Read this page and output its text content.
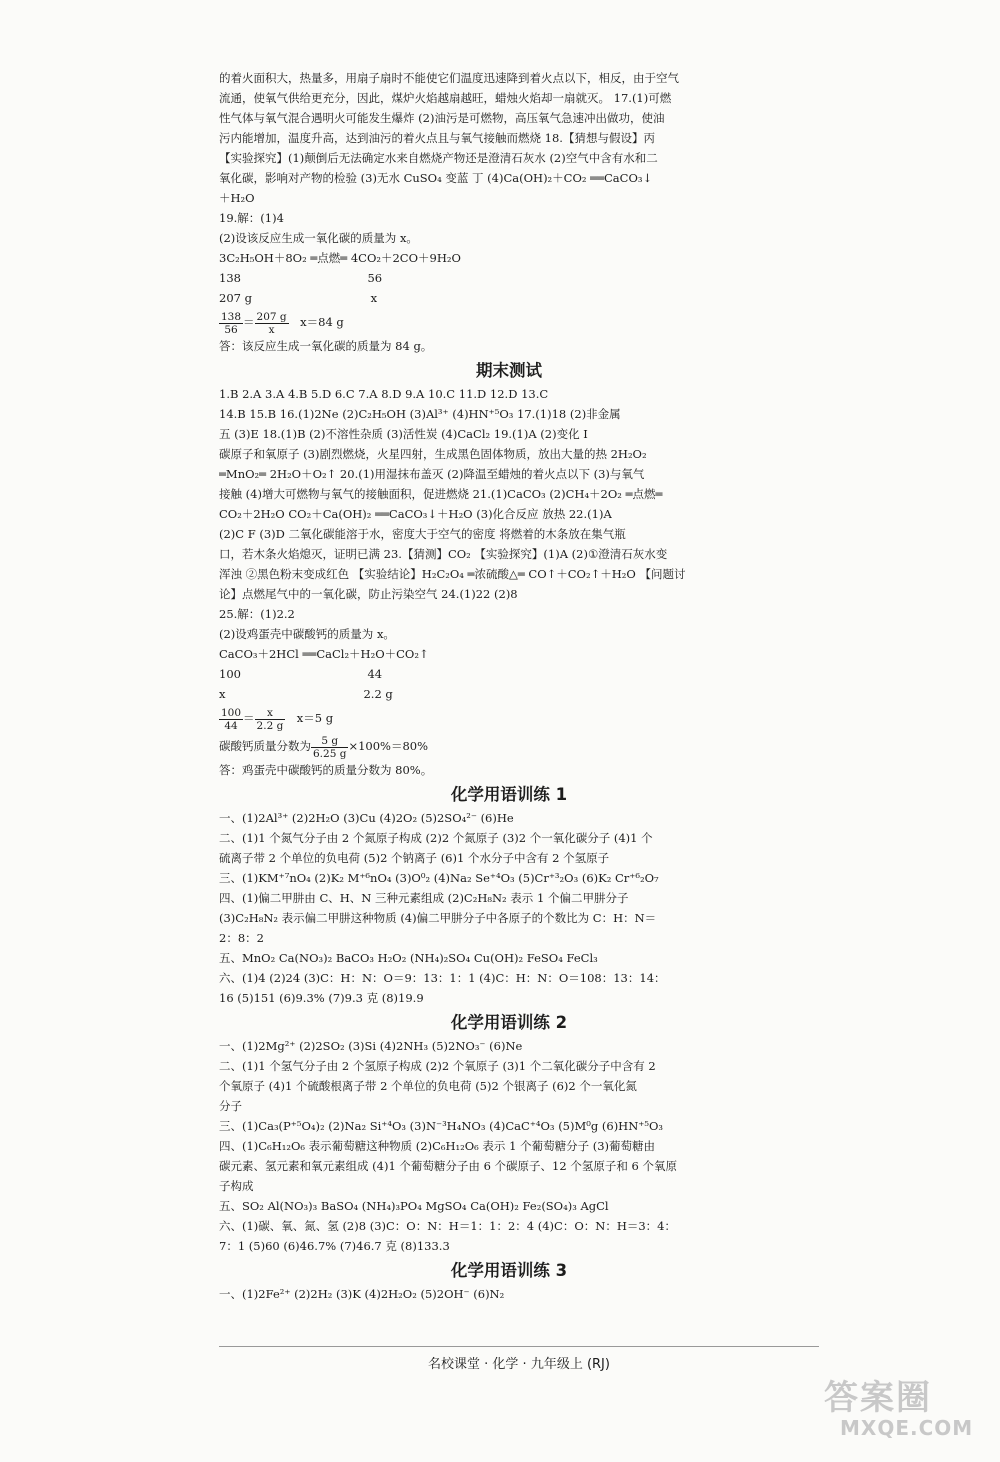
的着火面积大，热量多，用扇子扇时不能使它们温度迅速降到着火点以下，相反，由于空气

流通，使氧气供给更充分，因此，煤炉火焰越扇越旺，蜡烛火焰却一扇就灭。 17.(1)可燃

性气体与氧气混合遇明火可能发生爆炸 (2)油污是可燃物，高压氧气急速冲出做功，使油

污内能增加，温度升高，达到油污的着火点且与氧气接触而燃烧 18.【猜想与假设】丙

【实验探究】(1)颠倒后无法确定水来自燃烧产物还是澄清石灰水 (2)空气中含有水和二

氧化碳，影响对产物的检验 (3)无水 CuSO₄ 变蓝 丁 (4)Ca(OH)₂＋CO₂ ══CaCO₃↓

＋H₂O

19.解：(1)4

(2)设该反应生成一氧化碳的质量为 x。

3C₂H₅OH＋8O₂ ═点燃═ 4CO₂＋2CO＋9H₂O

138　　　　　　　　　　　56

207 g　　　　　　　　　　 x

$\frac{138}{56} = \frac{207 g}{x}$ 　x＝84 g

答：该反应生成一氧化碳的质量为 84 g。

期末测试

1.B 2.A 3.A 4.B 5.D 6.C 7.A 8.D 9.A 10.C 11.D 12.D 13.C

14.B 15.B 16.(1)2Ne (2)C₂H₅OH (3)Al³⁺ (4)HN⁺⁵O₃ 17.(1)18 (2)非金属

五 (3)E 18.(1)B (2)不溶性杂质 (3)活性炭 (4)CaCl₂ 19.(1)A (2)变化 I

碳原子和氧原子 (3)剧烈燃烧，火星四射，生成黑色固体物质，放出大量的热 2H₂O₂

═MnO₂═ 2H₂O＋O₂↑ 20.(1)用湿抹布盖灭 (2)降温至蜡烛的着火点以下 (3)与氧气

接触 (4)增大可燃物与氧气的接触面积，促进燃烧 21.(1)CaCO₃ (2)CH₄＋2O₂ ═点燃═

CO₂＋2H₂O CO₂＋Ca(OH)₂ ══CaCO₃↓＋H₂O (3)化合反应 放热 22.(1)A

(2)C F (3)D 二氧化碳能溶于水，密度大于空气的密度 将燃着的木条放在集气瓶

口，若木条火焰熄灭，证明已满 23.【猜测】CO₂ 【实验探究】(1)A (2)①澄清石灰水变

浑浊 ②黑色粉末变成红色 【实验结论】H₂C₂O₄ ═浓硫酸△═ CO↑＋CO₂↑＋H₂O 【问题讨

论】点燃尾气中的一氧化碳，防止污染空气 24.(1)22 (2)8

25.解：(1)2.2

(2)设鸡蛋壳中碳酸钙的质量为 x。

CaCO₃＋2HCl ══CaCl₂＋H₂O＋CO₂↑

100　　　　　　　　　　　44

x　　　　　　　　　　　　2.2 g

$\frac{100}{44} = \frac{x}{2.2 g}$ 　x＝5 g

碳酸钙质量分数为 $\frac{5 g}{6.25 g} \times 100\%=80\%$

答：鸡蛋壳中碳酸钙的质量分数为 80%。

化学用语训练 1

一、(1)2Al³⁺ (2)2H₂O (3)Cu (4)2O₂ (5)2SO₄²⁻ (6)He

二、(1)1 个氮气分子由 2 个氮原子构成 (2)2 个氮原子 (3)2 个一氧化碳分子 (4)1 个

硫离子带 2 个单位的负电荷 (5)2 个钠离子 (6)1 个水分子中含有 2 个氢原子

三、(1)KM⁺⁷nO₄ (2)K₂ M⁺⁶nO₄ (3)O⁰₂ (4)Na₂ Se⁺⁴O₃ (5)Cr⁺³₂O₃ (6)K₂ Cr⁺⁶₂O₇

四、(1)偏二甲肼由 C、H、N 三种元素组成 (2)C₂H₈N₂ 表示 1 个偏二甲肼分子

(3)C₂H₈N₂ 表示偏二甲肼这种物质 (4)偏二甲肼分子中各原子的个数比为 C：H：N＝

2：8：2

五、MnO₂ Ca(NO₃)₂ BaCO₃ H₂O₂ (NH₄)₂SO₄ Cu(OH)₂ FeSO₄ FeCl₃

六、(1)4 (2)24 (3)C：H：N：O＝9：13：1：1 (4)C：H：N：O＝108：13：14：

16 (5)151 (6)9.3% (7)9.3 克 (8)19.9

化学用语训练 2

一、(1)2Mg²⁺ (2)2SO₂ (3)Si (4)2NH₃ (5)2NO₃⁻ (6)Ne

二、(1)1 个氢气分子由 2 个氢原子构成 (2)2 个氧原子 (3)1 个二氧化碳分子中含有 2

个氧原子 (4)1 个硫酸根离子带 2 个单位的负电荷 (5)2 个银离子 (6)2 个一氧化氮

分子

三、(1)Ca₃(P⁺⁵O₄)₂ (2)Na₂ Si⁺⁴O₃ (3)N⁻³H₄NO₃ (4)CaC⁺⁴O₃ (5)M⁰g (6)HN⁺⁵O₃

四、(1)C₆H₁₂O₆ 表示葡萄糖这种物质 (2)C₆H₁₂O₆ 表示 1 个葡萄糖分子 (3)葡萄糖由

碳元素、氢元素和氧元素组成 (4)1 个葡萄糖分子由 6 个碳原子、12 个氢原子和 6 个氧原

子构成

五、SO₂ Al(NO₃)₃ BaSO₄ (NH₄)₃PO₄ MgSO₄ Ca(OH)₂ Fe₂(SO₄)₃ AgCl

六、(1)碳、氧、氮、氢 (2)8 (3)C：O：N：H＝1：1：2：4 (4)C：O：N：H＝3：4：

7：1 (5)60 (6)46.7% (7)46.7 克 (8)133.3

化学用语训练 3

一、(1)2Fe²⁺ (2)2H₂ (3)K (4)2H₂O₂ (5)2OH⁻ (6)N₂

名校课堂 · 化学 · 九年级上 (RJ)
答案圈
MXQE.COM
